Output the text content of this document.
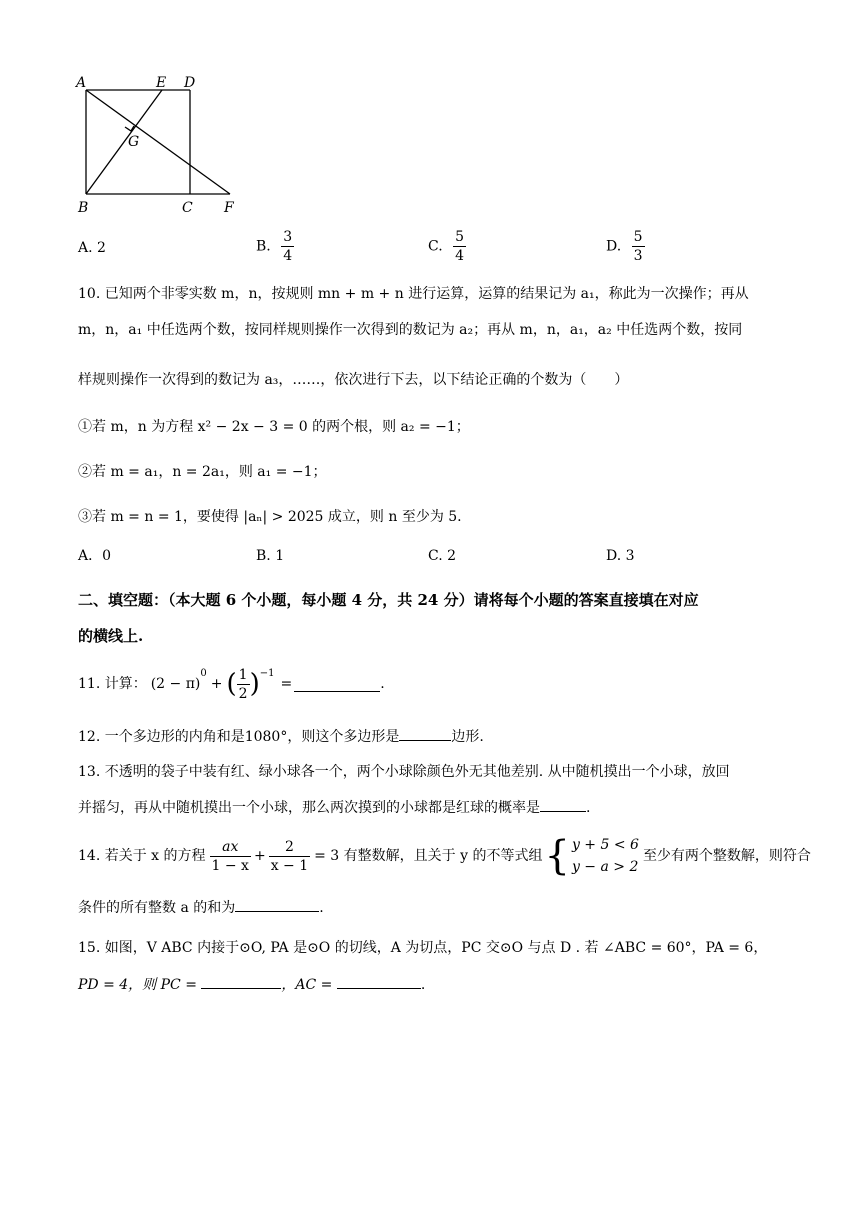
A	E D
G
B	C F
A. 2	B. $\frac{3}{4}$	C. $\frac{5}{4}$	D. $\frac{5}{3}$
10. 已知两个非零实数 m，n，按规则 mn + m + n 进行运算，运算的结果记为 a₁，称此为一次操作；再从
m，n，a₁ 中任选两个数，按同样规则操作一次得到的数记为 a₂；再从 m，n，a₁，a₂ 中任选两个数，按同
样规则操作一次得到的数记为 a₃，……，依次进行下去，以下结论正确的个数为（　　）
①若 m，n 为方程 x² − 2x − 3 = 0 的两个根，则 a₂ = −1；
②若 m = a₁，n = 2a₁，则 a₁ = −1；
③若 m = n = 1，要使得 |aₙ| > 2025 成立，则 n 至少为 5.
A．0	B. 1	C. 2	D. 3
二、填空题：（本大题 6 个小题，每小题 4 分，共 24 分）请将每个小题的答案直接填在对应
的横线上.
11. 计算： (2 − π)
$^0$
+ ( $\frac{1}{2} )^{-1}$
=	.
12. 一个多边形的内角和是1080°，则这个多边形是	边形.
13. 不透明的袋子中装有红、绿小球各一个，两个小球除颜色外无其他差别. 从中随机摸出一个小球，放回
并摇匀，再从中随机摸出一个小球，那么两次摸到的小球都是红球的概率是	.
14. 若关于 x 的方程 $\frac{ax}{1 - x} + \frac{2}{x - 1} = 3$ 有整数解，且关于 y 的不等式组 { y + 5 < 6
y − a > 2
至少有两个整数解，则符合
条件的所有整数 a 的和为	.
15. 如图，V ABC 内接于⊙O, PA 是⊙O 的切线，A 为切点，PC 交⊙O 与点 D . 若 ∠ABC = 60°，PA = 6，
PD = 4，则 PC =	，AC =	.
